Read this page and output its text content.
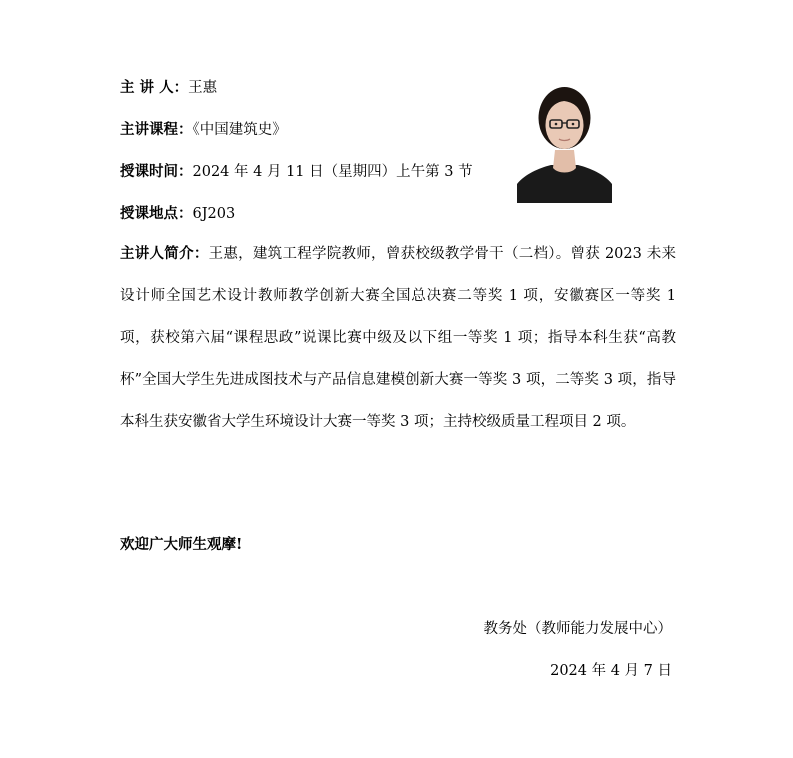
主 讲 人：王惠
主讲课程：《中国建筑史》
授课时间：2024 年 4 月 11 日（星期四）上午第 3 节
授课地点：6J203
主讲人简介：王惠，建筑工程学院教师，曾获校级教学骨干（二档）。曾获 2023 未来设计师全国艺术设计教师教学创新大赛全国总决赛二等奖 1 项，安徽赛区一等奖 1 项，获校第六届“课程思政”说课比赛中级及以下组一等奖 1 项；指导本科生获“高教杯”全国大学生先进成图技术与产品信息建模创新大赛一等奖 3 项，二等奖 3 项，指导本科生获安徽省大学生环境设计大赛一等奖 3 项；主持校级质量工程项目 2 项。
欢迎广大师生观摩!
教务处（教师能力发展中心）
2024 年 4 月 7 日
